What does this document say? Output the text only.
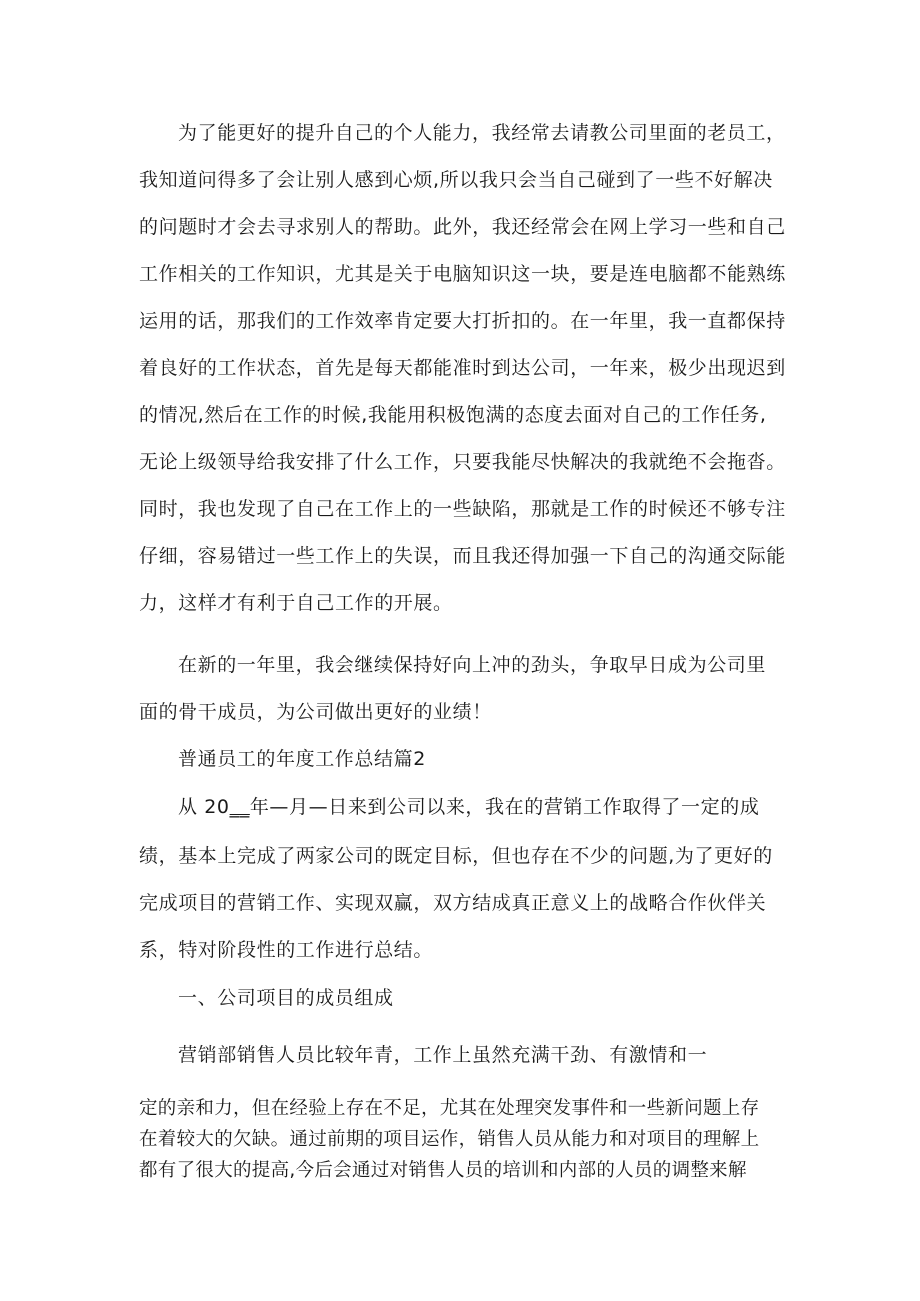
为了能更好的提升自己的个人能力，我经常去请教公司里面的老员工，
我知道问得多了会让别人感到心烦,所以我只会当自己碰到了一些不好解决
的问题时才会去寻求别人的帮助。此外，我还经常会在网上学习一些和自己
工作相关的工作知识，尤其是关于电脑知识这一块，要是连电脑都不能熟练
运用的话，那我们的工作效率肯定要大打折扣的。在一年里，我一直都保持
着良好的工作状态，首先是每天都能准时到达公司，一年来，极少出现迟到
的情况,然后在工作的时候,我能用积极饱满的态度去面对自己的工作任务,
无论上级领导给我安排了什么工作，只要我能尽快解决的我就绝不会拖沓。
同时，我也发现了自己在工作上的一些缺陷，那就是工作的时候还不够专注
仔细，容易错过一些工作上的失误，而且我还得加强一下自己的沟通交际能
力，这样才有利于自己工作的开展。
在新的一年里，我会继续保持好向上冲的劲头，争取早日成为公司里
面的骨干成员，为公司做出更好的业绩！
普通员工的年度工作总结篇2
从 20__年—月—日来到公司以来，我在的营销工作取得了一定的成
绩，基本上完成了两家公司的既定目标，但也存在不少的问题,为了更好的
完成项目的营销工作、实现双赢，双方结成真正意义上的战略合作伙伴关
系，特对阶段性的工作进行总结。
一、公司项目的成员组成
营销部销售人员比较年青，工作上虽然充满干劲、有激情和一
定的亲和力，但在经验上存在不足，尤其在处理突发事件和一些新问题上存
在着较大的欠缺。通过前期的项目运作，销售人员从能力和对项目的理解上
都有了很大的提高,今后会通过对销售人员的培训和内部的人员的调整来解
